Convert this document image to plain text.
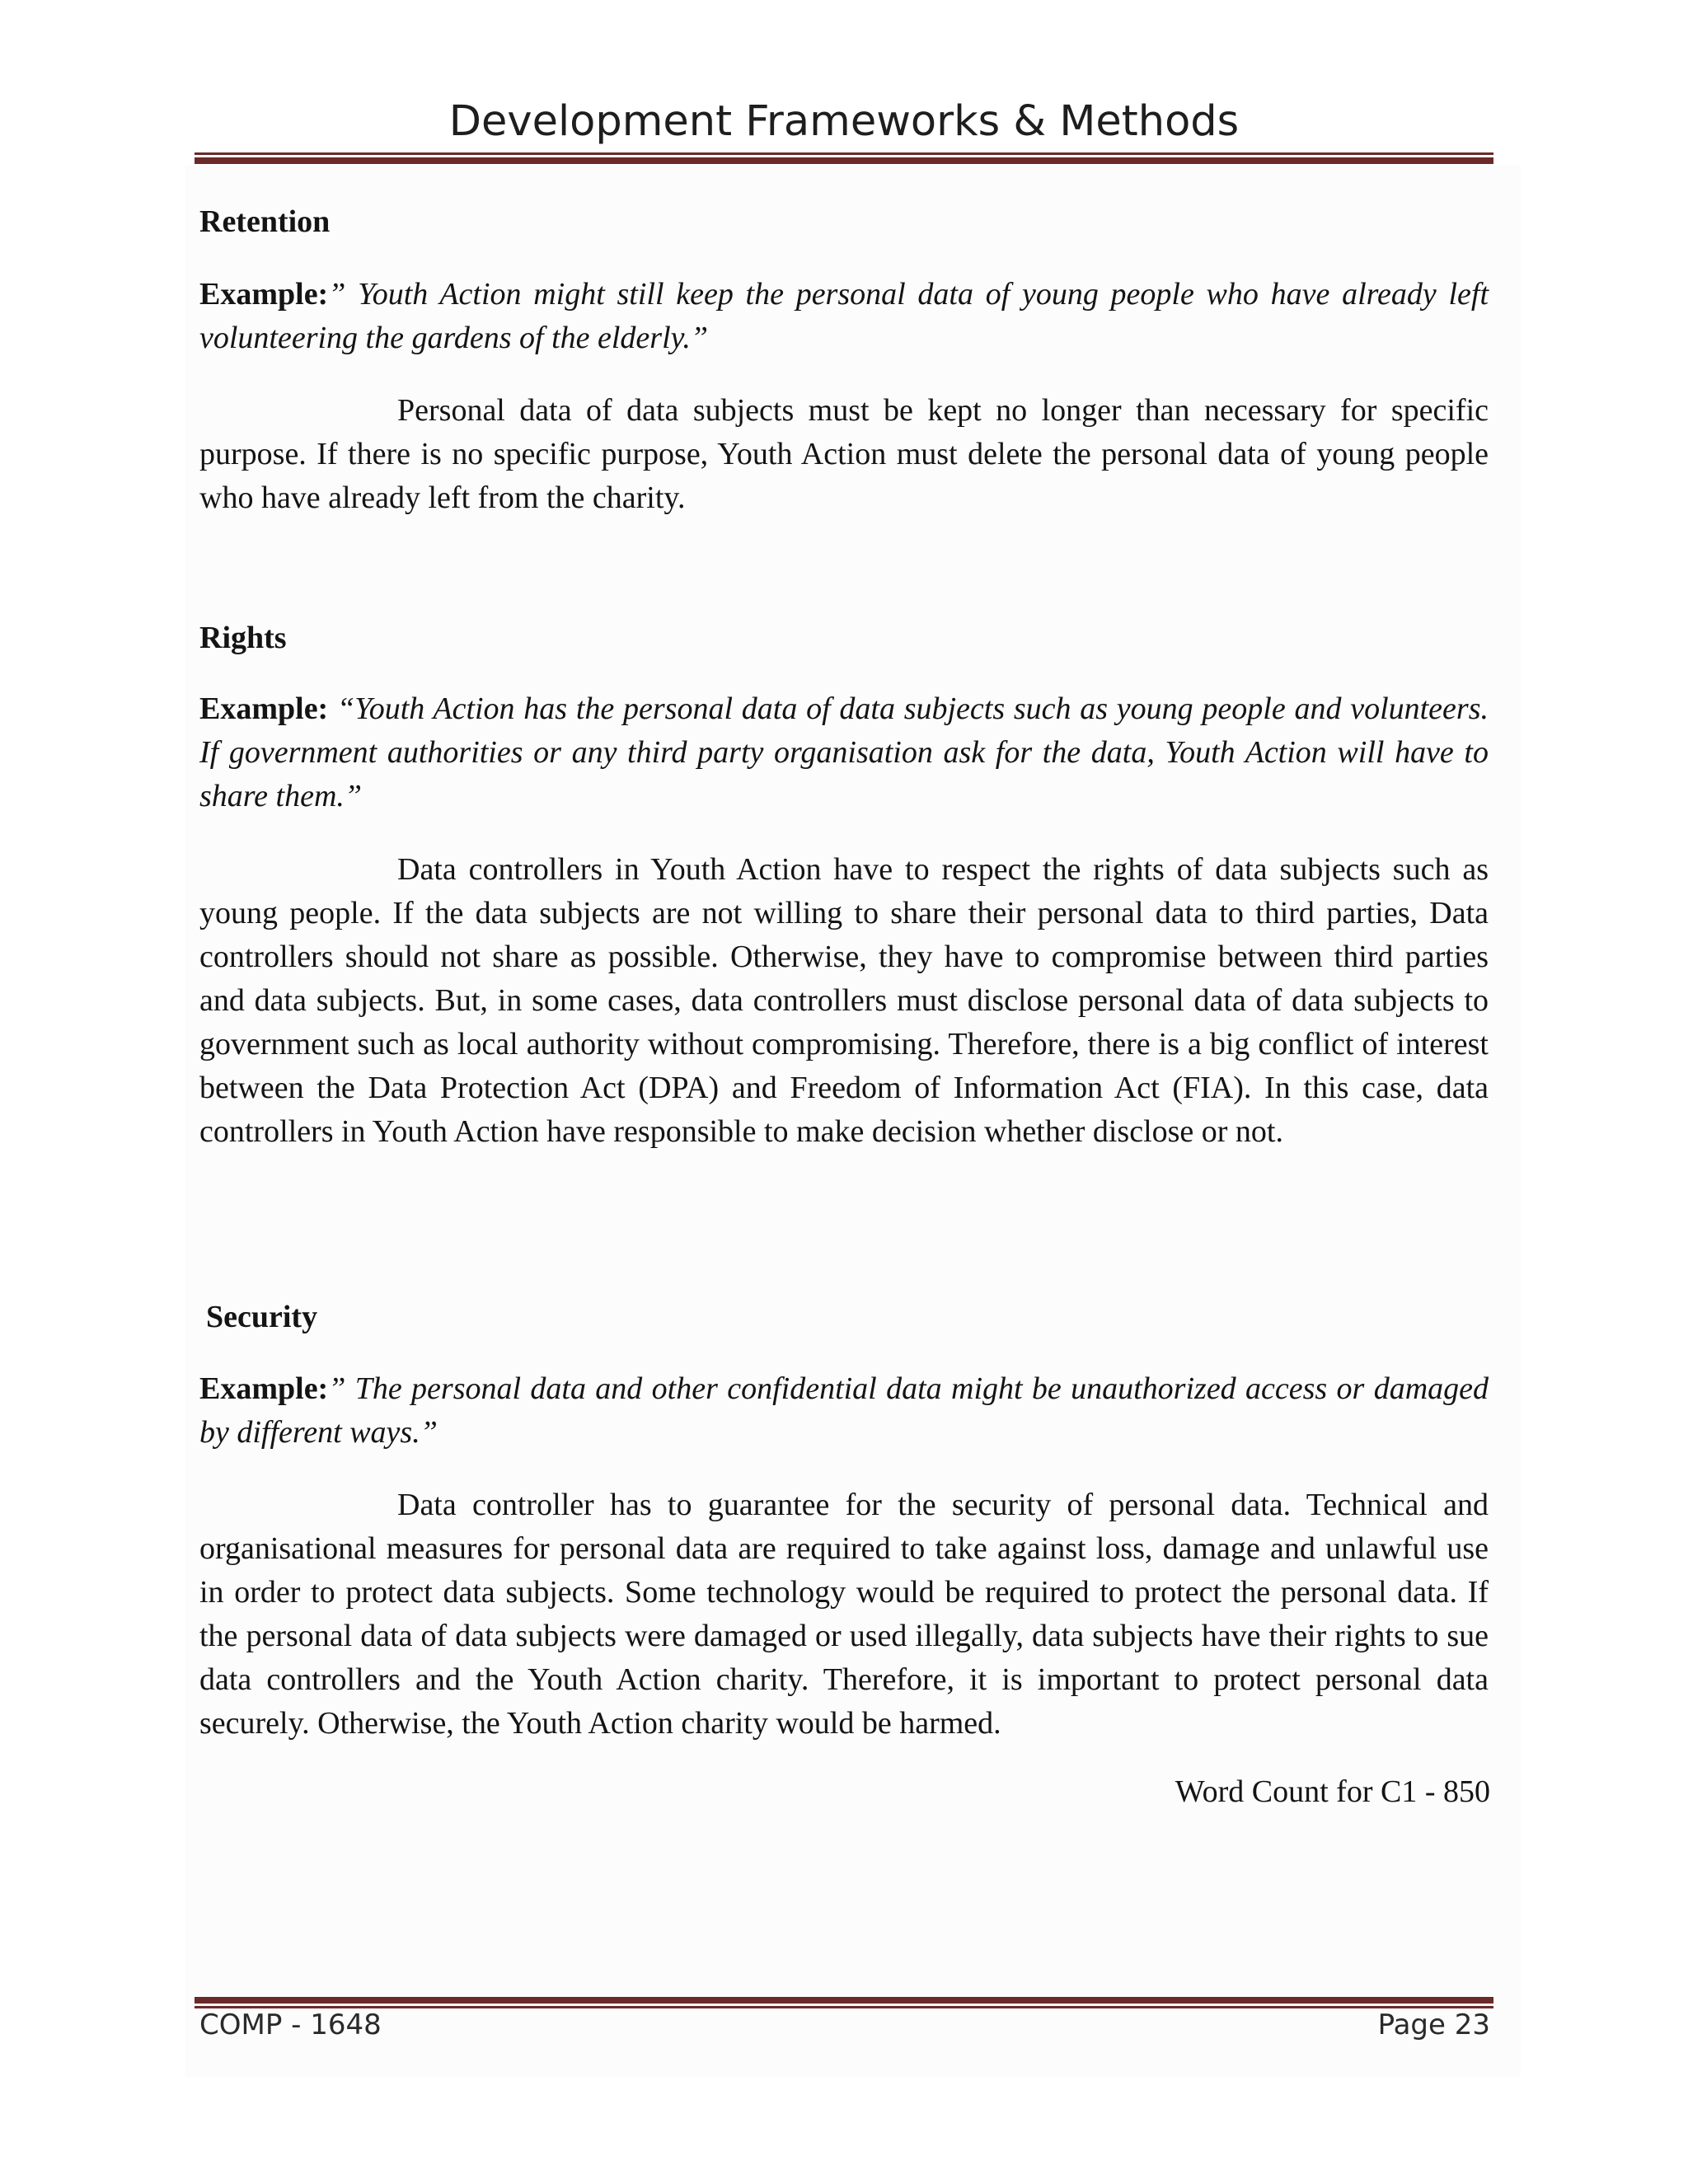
Development Frameworks & Methods
Retention
Example:” Youth Action might still keep the personal data of young people who have already left volunteering the gardens of the elderly.”
Personal data of data subjects must be kept no longer than necessary for specific purpose. If there is no specific purpose, Youth Action must delete the personal data of young people who have already left from the charity.
Rights
Example: “Youth Action has the personal data of data subjects such as young people and volunteers. If government authorities or any third party organisation ask for the data, Youth Action will have to share them.”
Data controllers in Youth Action have to respect the rights of data subjects such as young people. If the data subjects are not willing to share their personal data to third parties, Data controllers should not share as possible. Otherwise, they have to compromise between third parties and data subjects. But, in some cases, data controllers must disclose personal data of data subjects to government such as local authority without compromising. Therefore, there is a big conflict of interest between the Data Protection Act (DPA) and Freedom of Information Act (FIA). In this case, data controllers in Youth Action have responsible to make decision whether disclose or not.
Security
Example:” The personal data and other confidential data might be unauthorized access or damaged by different ways.”
Data controller has to guarantee for the security of personal data. Technical and organisational measures for personal data are required to take against loss, damage and unlawful use in order to protect data subjects. Some technology would be required to protect the personal data. If the personal data of data subjects were damaged or used illegally, data subjects have their rights to sue data controllers and the Youth Action charity. Therefore, it is important to protect personal data securely. Otherwise, the Youth Action charity would be harmed.
Word Count for C1 - 850
COMP - 1648	Page 23
